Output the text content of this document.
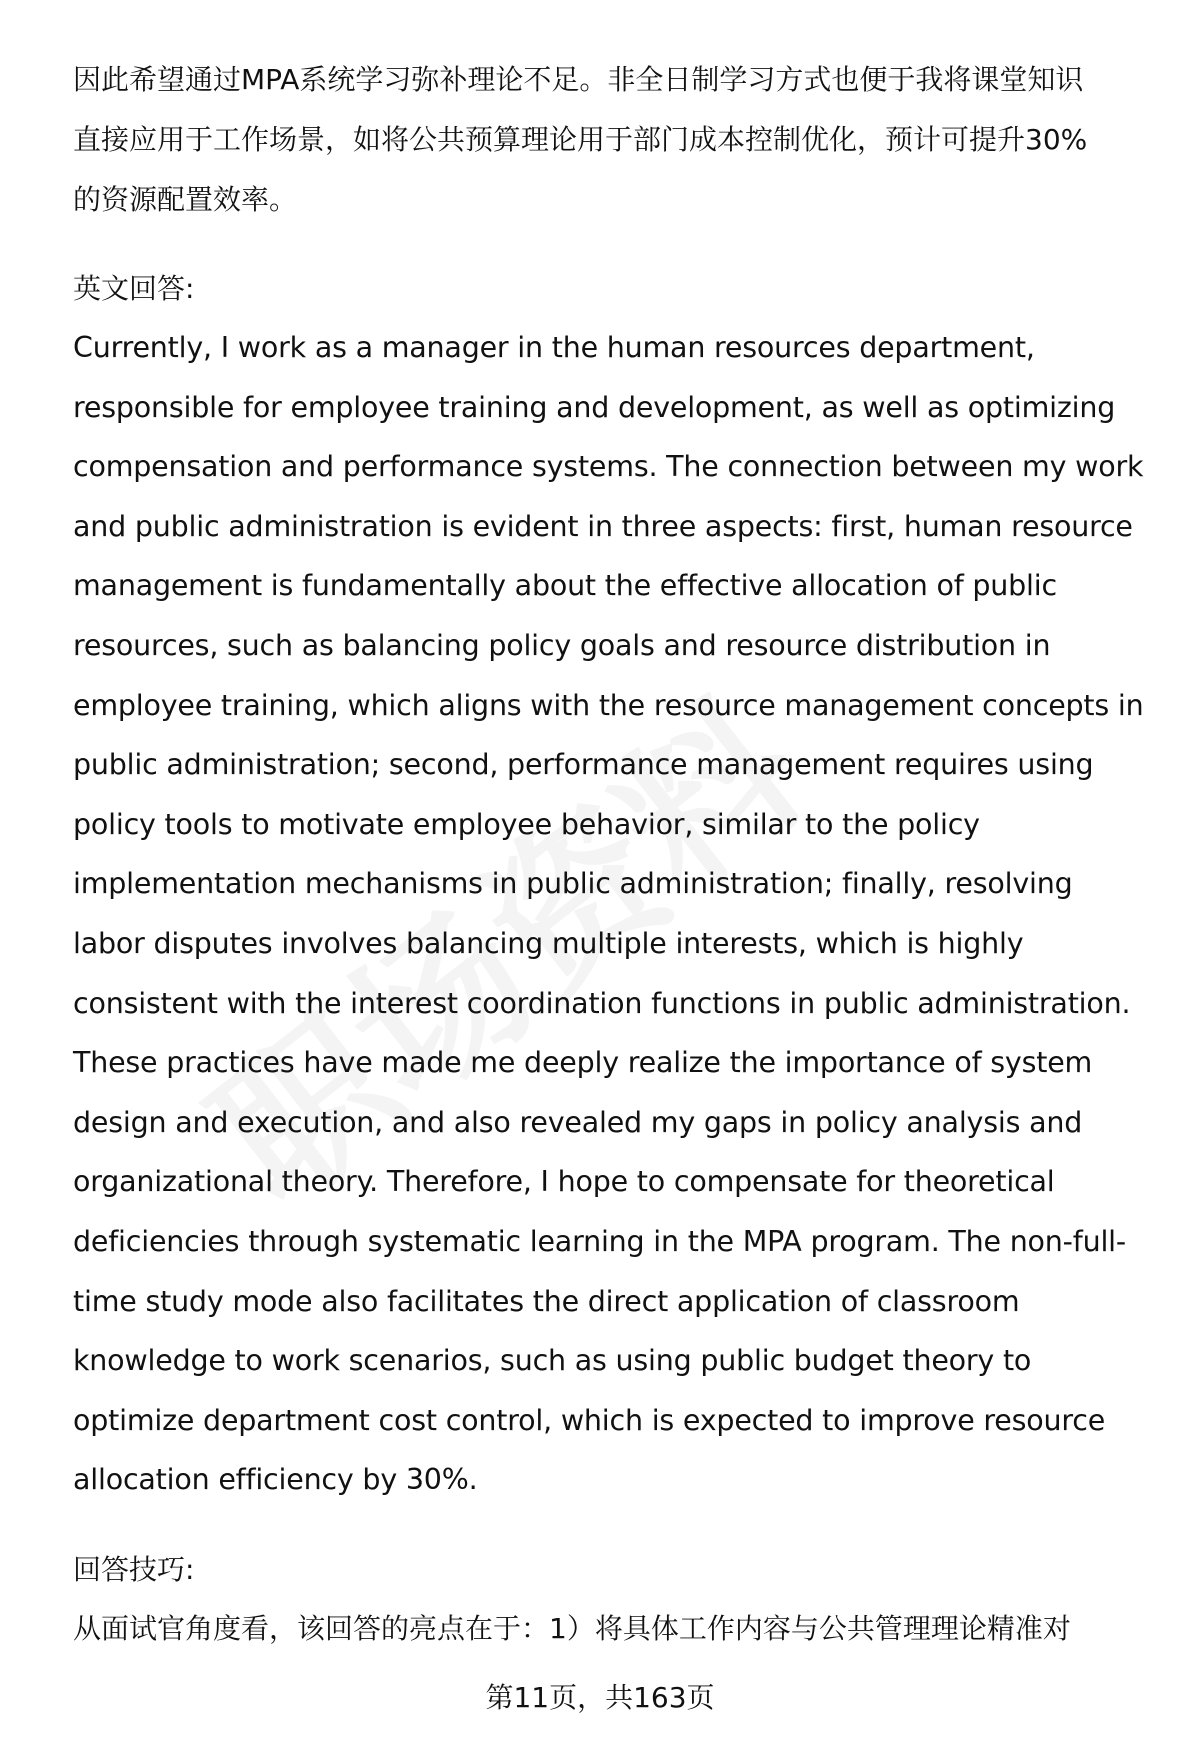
因此希望通过MPA系统学习弥补理论不足。非全日制学习方式也便于我将课堂知识
直接应用于工作场景，如将公共预算理论用于部门成本控制优化，预计可提升30%
的资源配置效率。
英文回答:
Currently, I work as a manager in the human resources department,
responsible for employee training and development, as well as optimizing
compensation and performance systems. The connection between my work
and public administration is evident in three aspects: first, human resource
management is fundamentally about the effective allocation of public
resources, such as balancing policy goals and resource distribution in
employee training, which aligns with the resource management concepts in
public administration; second, performance management requires using
policy tools to motivate employee behavior, similar to the policy
implementation mechanisms in public administration; finally, resolving
labor disputes involves balancing multiple interests, which is highly
consistent with the interest coordination functions in public administration.
These practices have made me deeply realize the importance of system
design and execution, and also revealed my gaps in policy analysis and
organizational theory. Therefore, I hope to compensate for theoretical
deficiencies through systematic learning in the MPA program. The non-full-
time study mode also facilitates the direct application of classroom
knowledge to work scenarios, such as using public budget theory to
optimize department cost control, which is expected to improve resource
allocation efficiency by 30%.
回答技巧:
从面试官角度看，该回答的亮点在于：1）将具体工作内容与公共管理理论精准对
第11页，共163页
